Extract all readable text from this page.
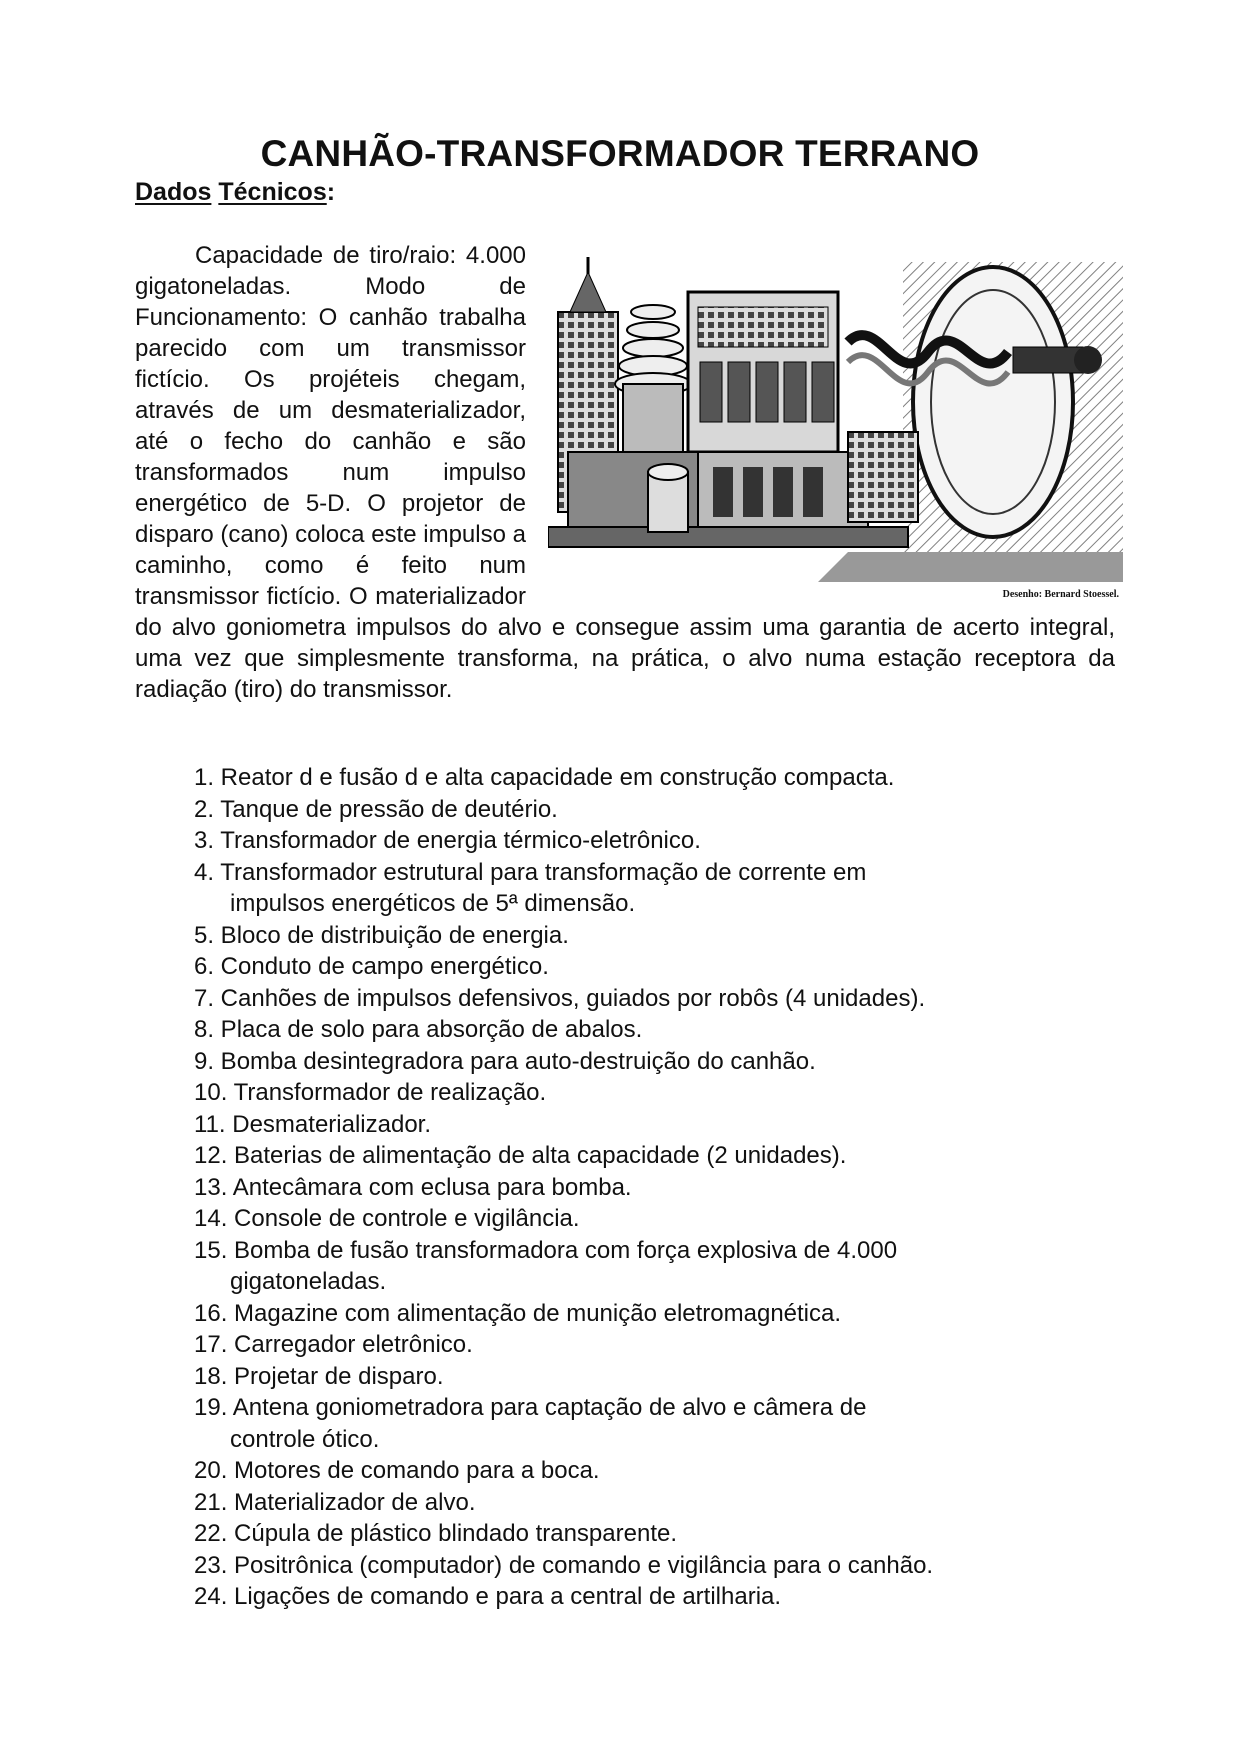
CANHÃO-TRANSFORMADOR TERRANO
Dados Técnicos:
Desenho: Bernard Stoessel.
Capacidade de tiro/raio: 4.000 gigatoneladas. Modo de Funcionamento: O canhão trabalha parecido com um transmissor fictício. Os projéteis chegam, através de um desmaterializador, até o fecho do canhão e são transformados num impulso energético de 5-D. O projetor de disparo (cano) coloca este impulso a caminho, como é feito num transmissor fictício. O materializador do alvo goniometra impulsos do alvo e consegue assim uma garantia de acerto integral, uma vez que simplesmente transforma, na prática, o alvo numa estação receptora da radiação (tiro) do transmissor.
1. Reator d e fusão d e alta capacidade em construção compacta.
2. Tanque de pressão de deutério.
3. Transformador de energia térmico-eletrônico.
4. Transformador estrutural para transformação de corrente em
impulsos energéticos de 5ª dimensão.
5. Bloco de distribuição de energia.
6. Conduto de campo energético.
7. Canhões de impulsos defensivos, guiados por robôs (4 unidades).
8. Placa de solo para absorção de abalos.
9. Bomba desintegradora para auto-destruição do canhão.
10. Transformador de realização.
11. Desmaterializador.
12. Baterias de alimentação de alta capacidade (2 unidades).
13. Antecâmara com eclusa para bomba.
14. Console de controle e vigilância.
15. Bomba de fusão transformadora com força explosiva de 4.000
gigatoneladas.
16. Magazine com alimentação de munição eletromagnética.
17. Carregador eletrônico.
18. Projetar de disparo.
19. Antena goniometradora para captação de alvo e câmera de
controle ótico.
20. Motores de comando para a boca.
21. Materializador de alvo.
22. Cúpula de plástico blindado transparente.
23. Positrônica (computador) de comando e vigilância para o canhão.
24. Ligações de comando e para a central de artilharia.
